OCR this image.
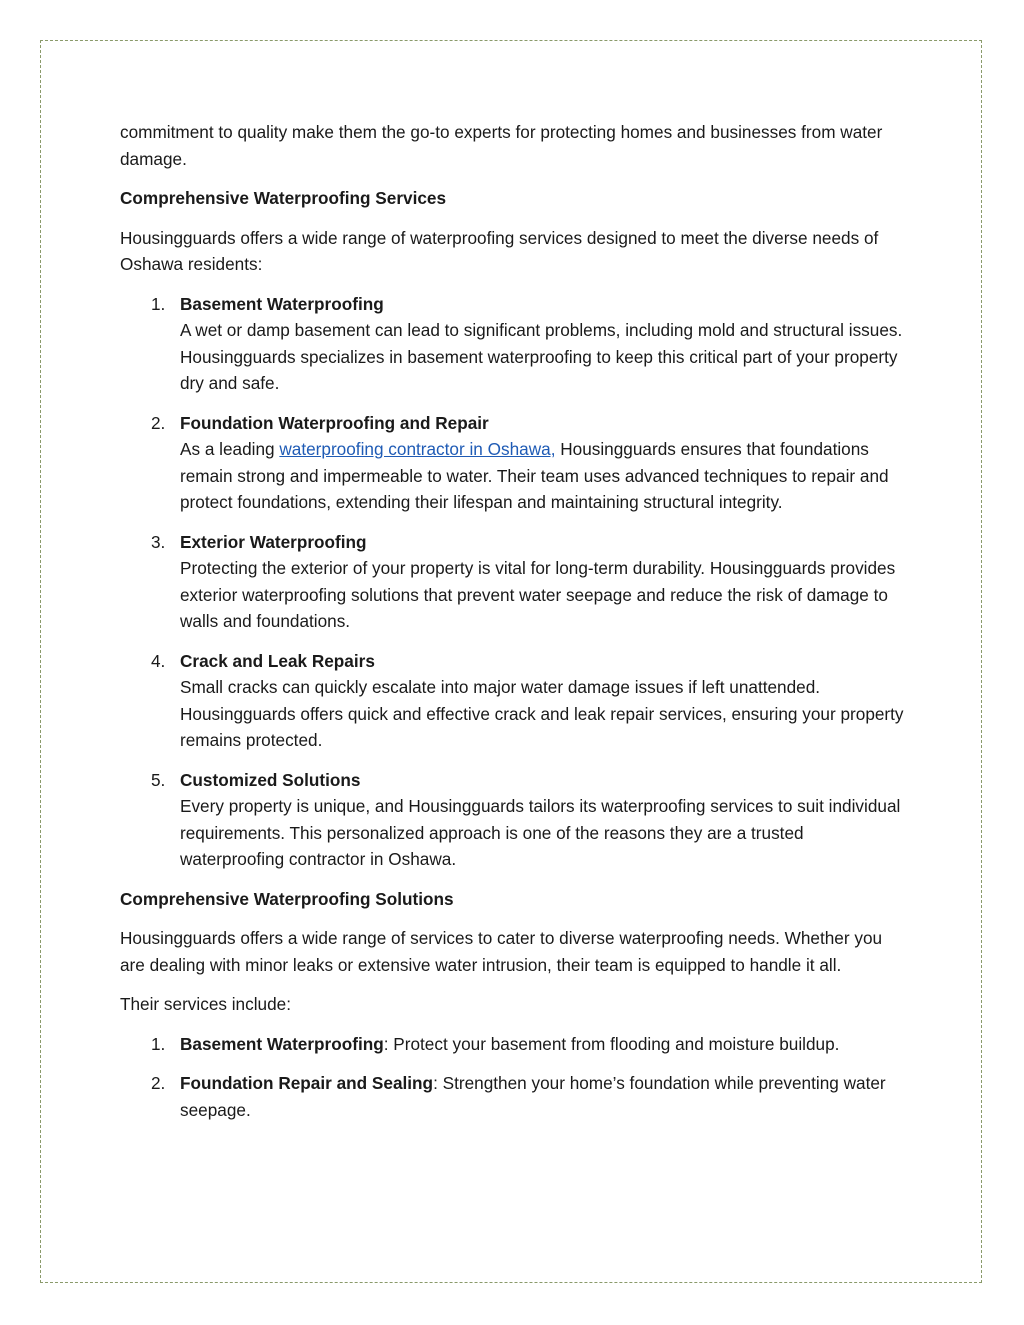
commitment to quality make them the go-to experts for protecting homes and businesses from water damage.

Comprehensive Waterproofing Services

Housingguards offers a wide range of waterproofing services designed to meet the diverse needs of Oshawa residents:

1. Basement Waterproofing
A wet or damp basement can lead to significant problems, including mold and structural issues. Housingguards specializes in basement waterproofing to keep this critical part of your property dry and safe.
2. Foundation Waterproofing and Repair
As a leading waterproofing contractor in Oshawa, Housingguards ensures that foundations remain strong and impermeable to water. Their team uses advanced techniques to repair and protect foundations, extending their lifespan and maintaining structural integrity.
3. Exterior Waterproofing
Protecting the exterior of your property is vital for long-term durability. Housingguards provides exterior waterproofing solutions that prevent water seepage and reduce the risk of damage to walls and foundations.
4. Crack and Leak Repairs
Small cracks can quickly escalate into major water damage issues if left unattended. Housingguards offers quick and effective crack and leak repair services, ensuring your property remains protected.
5. Customized Solutions
Every property is unique, and Housingguards tailors its waterproofing services to suit individual requirements. This personalized approach is one of the reasons they are a trusted waterproofing contractor in Oshawa.

Comprehensive Waterproofing Solutions

Housingguards offers a wide range of services to cater to diverse waterproofing needs. Whether you are dealing with minor leaks or extensive water intrusion, their team is equipped to handle it all.

Their services include:

1. Basement Waterproofing: Protect your basement from flooding and moisture buildup.
2. Foundation Repair and Sealing: Strengthen your home’s foundation while preventing water seepage.
